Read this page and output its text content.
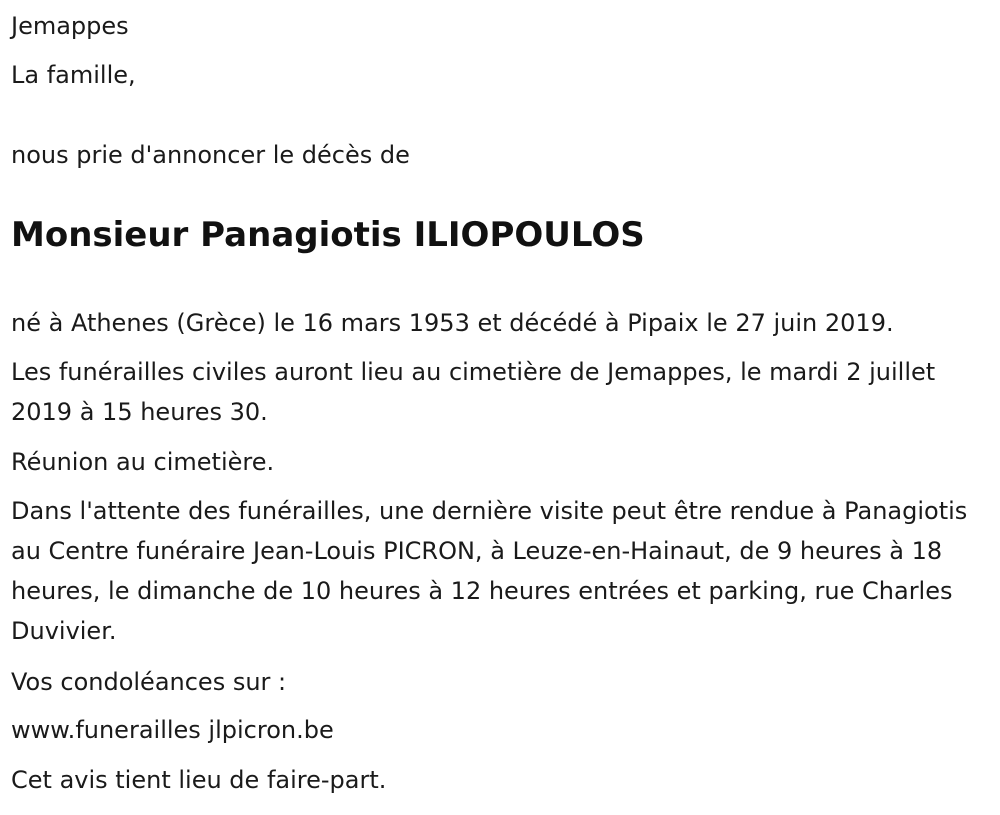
Jemappes

La famille,

nous prie d'annoncer le décès de

Monsieur Panagiotis ILIOPOULOS

né à Athenes (Grèce) le 16 mars 1953 et décédé à Pipaix le 27 juin 2019.

Les funérailles civiles auront lieu au cimetière de Jemappes, le mardi 2 juillet 2019 à 15 heures 30.

Réunion au cimetière.

Dans l'attente des funérailles, une dernière visite peut être rendue à Panagiotis au Centre funéraire Jean-Louis PICRON, à Leuze-en-Hainaut, de 9 heures à 18 heures, le dimanche de 10 heures à 12 heures entrées et parking, rue Charles Duvivier.

Vos condoléances sur :

www.funerailles jlpicron.be

Cet avis tient lieu de faire-part.
